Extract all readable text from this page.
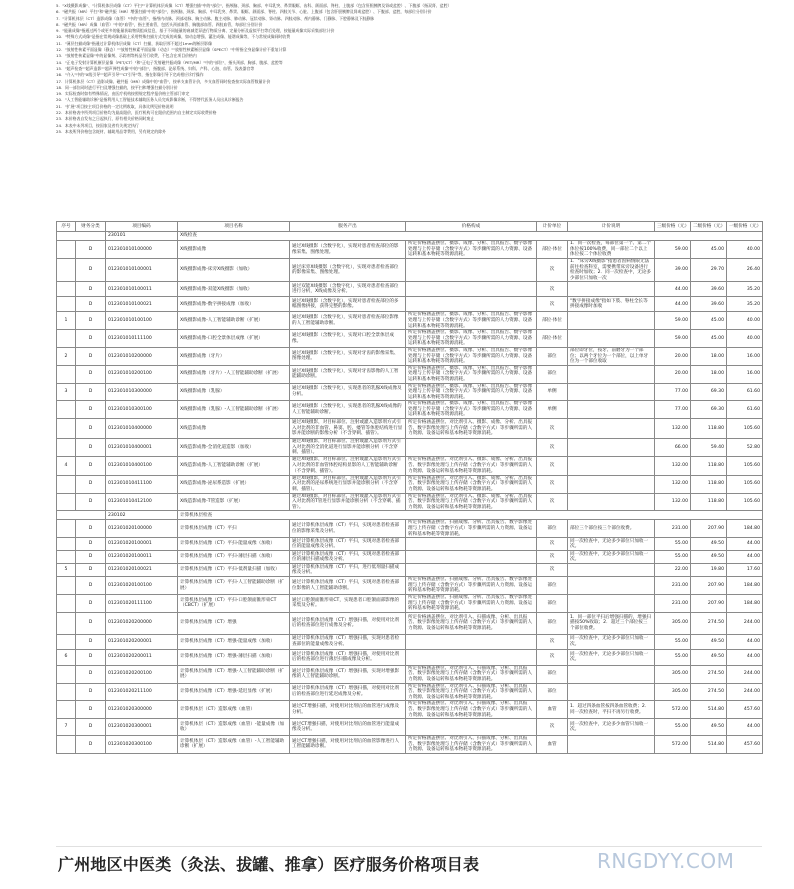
5．"X线摄影成像"、"计算机体层成像（CT）平扫""计算机体层成像（CT）增强扫描"中的"部位"，指颅脑、颈部、胸部、中耳乳突、鼻窦眼眶、齿科、颌面部、脊柱、上腹部（包含肝胆胰脾及肾或盆腔）、下腹部（指双肾、盆腔）
6．"磁共振（MR）平扫"和"磁共振（MR）增强扫描"中的"部位"，指颅脑、颈部、胸部、中耳乳突、鼻窦、眼眶、颌面部、脊柱、四肢关节、心脏、上腹部（包含肝胆胰脾及肾或盆腔）、下腹部、盆腔，每部位分别计价
7．"计算机体层（CT）造影成像（血管）"中的"血管"，指颅内动脉、颈部动脉、胸主动脉、腹主动脉、肺动脉、冠状动脉、肾动脉、四肢动脉、颅内静脉、门静脉、下腔静脉及下肢静脉
8．"磁共振（MR）成像（血管）"中的"血管"，指主要血管，包括头颈部血管、胸腹部血管、四肢血管，每部位分别计价
9．"能量成像"指通过两个或更多的能量获取物质组成信息，基于不同能量的衰减差异进行物质分离、定量分析及虚拟平扫等后处理，按能量成像实际采集部位计价
10．"特殊方式成像"是指在常规成像基础上采用特殊扫描方式完成的成像，如动态增强、灌注成像、能谱成像等，不与常规成像同时收费
11．"薄层扫描成像"指通过计算机体层成像（CT）扫描，获取层厚不超过1mm的断层影像
12．"放射性核素平面显像（静态）""放射性核素平面显像（动态）""放射性核素断层显像（SPECT）"中所指全身显像计价不重复计算
13．"放射性核素显像"中的显像剂、示踪剂等药品另行收费，不包含在项目价格内
14．"正电子发射计算机断层显像（PET/CT）"和"正电子发射磁共振成像（PET/MR）"中的"部位"，指头颈部、胸部、腹部、盆腔等
15．"超声检查""超声造影""超声弹性成像"中的"部位"，指腹部、泌尿系统、妇科、产科、心脏、血管、浅表器官等
16．"介入"中的"X线引导""超声引导""CT引导"等，指在影像引导下完成相应诊疗操作
17．计算机体层（CT）造影成像、磁共振（MR）成像中的"血管"，按单支血管计价，多支血管同时检查按实际血管数量计价
18．同一部位同时进行平扫及增强扫描的，按平扫和增强扫描分别计价
19．实际检查时如有特殊情况，由医疗机构按照规定程序报价格主管部门审定
20．"人工智能辅助诊断"是指利用人工智能技术辅助医务人员完成影像诊断，不得替代医务人员出具诊断报告
21．"扩展"项目按主项目价格的一定比例收取，具体比例见价格说明
22．本价格表中所列项目价格均为最高限价，医疗机构可在限价范围内自主制定实际收费价格
23．本价格表自发布之日起执行，原有相关价格同时废止
24．本表中未列项目，按国家及省有关规定执行
25．本表所列价格包含耗材、辅助用品等费用，另有规定的除外
序号	财务分类	项目编码	项目名称	服务产出	价格构成	计价单位	计价说明	三级价格（元）	二级价格（元）	一级价格（元）
		230101	X线检查							
	D	012301010100000	X线摄影成像	通过X线摄影（含数字化），实现对患者检查部位的影像采集、图像处理。	所定价格涵盖摆位、摄影、成像、分析、出具报告、数字影像处理与上传存储（含数字方式）等步骤所需的人力资源、设备运转和基本物耗等资源消耗。	部位·体位	1．同一次检查，每部位第一个、第二个体位按100%收费，同一部位二个以上体位按二个体位收费	59.00	45.00	40.00
	D	012301010100001	X线摄影成像-床旁X线摄影（加收）	通过床旁X线摄影（含数字化），实现对患者检查部位的影像采集、图像处理。		次	1．"床旁X线摄影"指患者因病情限无法前往检查科室，需要携带床旁设备进行检查时加收；2．同一次检查中，无论多少部位只加收一次	39.00	29.70	26.40
	D	012301010100011	X线摄影成像-双能X线摄影（加收）	通过双能X线摄影（含数字化），实现对患者检查部位进行分析，X线成像及分析。		次		44.00	39.60	35.20
	D	012301010100021	X线摄影成像-数字拼接成像（加收）	通过X线摄影（含数字化），实现对患者检查部位的多幅图像拼接，获得完整的影像。		次	"数字拼接成像"指如下肢、脊柱全长等拼接成像时加收	44.00	39.60	35.20
1	D	012301010100100	X线摄影成像-人工智能辅助诊断（扩展）	通过X线摄影（含数字化），实现对患者检查部位影像的人工智能辅助诊断。	所定价格涵盖摆位、摄影、成像、分析、出具报告、数字影像处理与上传存储（含数字方式）等步骤所需的人力资源、设备运转和基本物耗等资源消耗。	部位·体位		59.00	45.00	40.00
	D	012301010111100	X线摄影成像-口腔全景体层成像（扩展）	通过X线摄影（含数字化），实现对口腔全景体层成像。	所定价格涵盖摆位、摄影、成像、分析、出具报告、数字影像处理与上传存储（含数字方式）等步骤所需的人力资源、设备运转和基本物耗等资源消耗。	部位·体位		59.00	45.00	40.00
2	D	012301010200000	X线摄影成像（牙片）	通过X线摄影（含数字化），实现对牙齿的影像采集、图像处理。	所定价格涵盖摆位、摄影、成像、分析、出具报告、数字影像处理与上传存储（含数字方式）等步骤所需的人力资源、设备运转和基本物耗等资源消耗。	部位	部位即牙位，按牙、前磨牙为一个部位；以两个牙位为一个部位，以上单牙位为一个部位收取	20.00	18.00	16.00
	D	012301010200100	X线摄影成像（牙片）-人工智能辅助诊断（扩展）	通过X线摄影（含数字化），实现对牙齿影像的人工智能辅助诊断。	所定价格涵盖摆位、摄影、成像、分析、出具报告、数字影像处理与上传存储（含数字方式）等步骤所需的人力资源、设备运转和基本物耗等资源消耗。	部位		20.00	18.00	16.00
3	D	012301010300000	X线摄影成像（乳腺）	通过X线摄影（含数字化），实现患者的乳腺X线成像及分析。	所定价格涵盖摆位、摄影、成像、分析、出具报告、数字影像处理与上传存储（含数字方式）等步骤所需的人力资源、设备运转和基本物耗等资源消耗。	单侧		77.00	69.30	61.60
	D	012301010300100	X线摄影成像（乳腺）-人工智能辅助诊断（扩展）	通过X线摄影（含数字化），实现患者的乳腺X线成像的人工智能辅助诊断。	所定价格涵盖摆位、摄影、成像、分析、出具报告、数字影像处理与上传存储（含数字方式）等步骤所需的人力资源、设备运转和基本物耗等资源消耗。	单侧		77.00	69.30	61.60
	D	012301010400000	X线造影成像	通过X线摄影，对目标部位、注射或灌入造影剂方式引入对比剂的非血管、鼻窦、腔、瘘管等体腔结构进行显影并能诊断的影像分析（不含穿刺、插管）。	所定价格涵盖摆位、对比剂引入、摄影、成像、分析、出具报告、数字影像处理与上传存储（含数字方式）等步骤所需的人力资源、设备运转和基本物耗等资源消耗。	次		132.00	118.80	105.60
	D	012301010400001	X线造影成像-全消化道造影（加收）	通过X线摄影，对目标部位、注射或灌入造影剂方式引入对比剂的全消化道进行显影并能诊断分析（不含穿刺、插管）。		次		66.00	59.40	52.80
4	D	012301010400100	X线造影成像-人工智能辅助诊断（扩展）	通过X线摄影，对目标部位、注射或灌入造影剂方式引入对比剂的非血管体腔结构显影的人工智能辅助诊断（不含穿刺、插管）。	所定价格涵盖摆位、对比剂引入、摄影、成像、分析、出具报告、数字影像处理与上传存储（含数字方式）等步骤所需的人力资源、设备运转和基本物耗等资源消耗。	次		132.00	118.80	105.60
	D	012301010411100	X线造影成像-泌尿系造影（扩展）	通过X线摄影，对目标部位、注射或灌入造影剂方式引入对比剂的泌尿系统进行显影并能诊断分析（不含穿刺、插管）。	所定价格涵盖摆位、对比剂引入、摄影、成像、分析、出具报告、数字影像处理与上传存储（含数字方式）等步骤所需的人力资源、设备运转和基本物耗等资源消耗。	次		132.00	118.80	105.60
	D	012301010412100	X线造影成像-T管造影（扩展）	通过X线摄影，对目标部位、注射或灌入造影剂方式引入对比剂的T管进行显影并能诊断分析（不含穿刺、插管）。	所定价格涵盖摆位、对比剂引入、摄影、成像、分析、出具报告、数字影像处理与上传存储（含数字方式）等步骤所需的人力资源、设备运转和基本物耗等资源消耗。	次		132.00	118.80	105.60
		230102	计算机体层检查							
	D	012301020100000	计算机体层成像（CT）平扫	通过计算机体层成像（CT）平扫，实现对患者检查部位的影像采集及分析。	所定价格涵盖摆位、扫描成像、分析、出具报告、数字影像处理与上传存储（含数字方式）等步骤所需的人力资源、设备运转和基本物耗等资源消耗。	部位	部位三个部位按三个部位收费。	231.00	207.90	184.80
	D	012301020100001	计算机体层成像（CT）平扫-能量成像（加收）	通过计算机体层成像（CT）平扫，实现对患者检查部位的能量成像及分析。		次	同一次检查中，无论多少部位只加收一次。	55.00	49.50	44.00
	D	012301020100011	计算机体层成像（CT）平扫-薄层扫描（加收）	通过计算机体层成像（CT）平扫，实现对患者检查部位的薄层扫描成像及分析。		次	同一次检查中，无论多少部位只加收一次。	55.00	49.50	44.00
5	D	012301020100021	计算机体层成像（CT）平扫-低剂量扫描（加收）	通过计算机体层成像（CT）平扫，进行低剂量扫描成像及分析。		次		22.00	19.80	17.60
	D	012301020100100	计算机体层成像（CT）平扫-人工智能辅助诊断（扩展）	通过计算机体层成像（CT）平扫，实现对患者检查部位影像的人工智能辅助诊断。	所定价格涵盖摆位、扫描成像、分析、出具报告、数字影像处理与上传存储（含数字方式）等步骤所需的人力资源、设备运转和基本物耗等资源消耗。	部位		231.00	207.90	184.80
	D	012301020111100	计算机体层成像（CT）平扫-口腔颌面锥形束CT（CBCT）（扩展）	通过口腔颌面锥形束CT，实现患者口腔颌面部影像的采集及分析。	所定价格涵盖摆位、扫描成像、分析、出具报告、数字影像处理与上传存储（含数字方式）等步骤所需的人力资源、设备运转和基本物耗等资源消耗。	部位		231.00	207.90	184.80
	D	012301020200000	计算机体层成像（CT）增强	通过计算机体层成像（CT）增强扫描，对使用对比剂后的检查部位进行成像及分析。	所定价格涵盖摆位、对比剂引入、扫描成像、分析、出具报告、数字影像处理与上传存储（含数字方式）等步骤所需的人力资源、设备运转和基本物耗等资源消耗。	部位	1．同一部位平扫后增强扫描的，增强扫描按50%收取；2．超过三个部位按三个部位收费。	305.00	274.50	244.00
	D	012301020200001	计算机体层成像（CT）增强-能量成像（加收）	通过计算机体层成像（CT）增强扫描，实现对患者检查部位的能量成像及分析。		次	同一次检查中，无论多少部位只加收一次。	55.00	49.50	44.00
6	D	012301020200011	计算机体层成像（CT）增强-薄层扫描（加收）	通过计算机体层成像（CT）增强扫描，对使用对比剂后的检查部位进行薄层扫描成像及分析。		次	同一次检查中，无论多少部位只加收一次。	55.00	49.50	44.00
	D	012301020200100	计算机体层成像（CT）增强-人工智能辅助诊断（扩展）	通过计算机体层成像（CT）增强扫描，实现对增强影像的人工智能辅助诊断。	所定价格涵盖摆位、对比剂引入、扫描成像、分析、出具报告、数字影像处理与上传存储（含数字方式）等步骤所需的人力资源、设备运转和基本物耗等资源消耗。	部位		305.00	274.50	244.00
	D	012301020211100	计算机体层成像（CT）增强-延迟显像（扩展）	通过计算机体层成像（CT）增强扫描，对使用对比剂后的检查部位进行延迟成像及分析。	所定价格涵盖摆位、对比剂引入、扫描成像、分析、出具报告、数字影像处理与上传存储（含数字方式）等步骤所需的人力资源、设备运转和基本物耗等资源消耗。	部位		305.00	274.50	244.00
	D	012301020300000	计算机体层（CT）造影成像（血管）	通过CT增强扫描，对使用对比剂后的血管进行成像及分析。	所定价格涵盖摆位、对比剂引入、扫描成像、分析、出具报告、数字影像处理与上传存储（含数字方式）等步骤所需的人力资源、设备运转和基本物耗等资源消耗。	血管	1．超过四条血管按四条血管收费；2．同一次检查时，平扫不再另行收费。	572.00	514.80	457.60
7	D	012301020300001	计算机体层（CT）造影成像（血管）-能量成像（加收）	通过CT增强扫描，对使用对比剂后的血管进行能量成像及分析。		次	同一次检查中，无论多少血管只加收一次。	55.00	49.50	44.00
	D	012301020300100	计算机体层（CT）造影成像（血管）-人工智能辅助诊断（扩展）	通过CT增强扫描，对使用对比剂后的血管影像进行人工智能辅助诊断。	所定价格涵盖摆位、对比剂引入、扫描成像、分析、出具报告、数字影像处理与上传存储（含数字方式）等步骤所需的人力资源、设备运转和基本物耗等资源消耗。	血管		572.00	514.80	457.60
广州地区中医类（灸法、拔罐、推拿）医疗服务价格项目表	RNGDYY.COM
